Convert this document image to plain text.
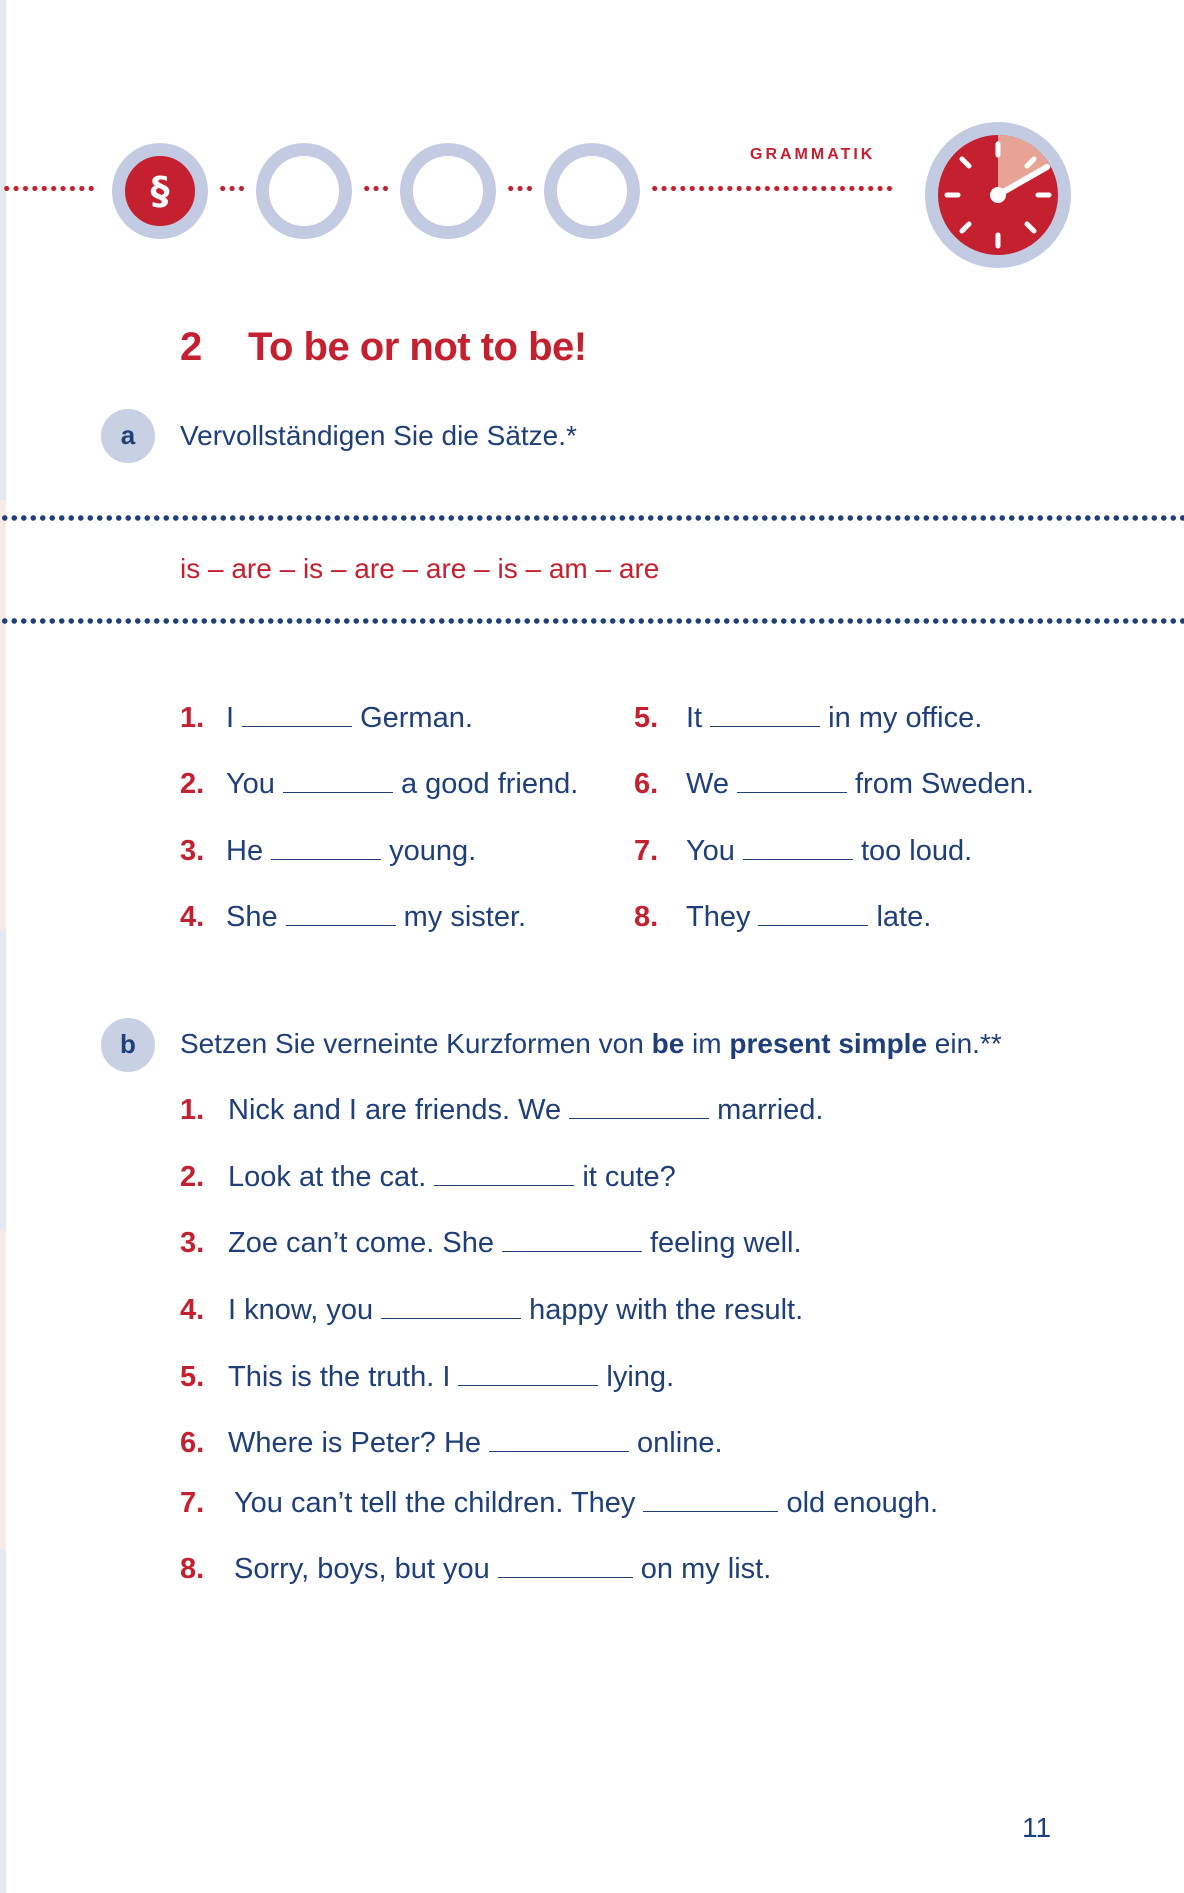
§
GRAMMATIK
2 To be or not to be!
a	Vervollständigen Sie die Sätze.*
is – are – is – are – are – is – am – are
1. I	German.
2. You	a good friend.
3. He	young.
4. She	my sister.
5. It	in my office.
6. We	from Sweden.
7. You	too loud.
8. They	late.
b	Setzen Sie verneinte Kurzformen von be im present simple ein.**
1. Nick and I are friends. We	married.
2. Look at the cat.	it cute?
3. Zoe can’t come. She	feeling well.
4. I know, you	happy with the result.
5. This is the truth. I	lying.
6. Where is Peter? He	online.
7. You can’t tell the children. They	old enough.
8. Sorry, boys, but you	on my list.
11
